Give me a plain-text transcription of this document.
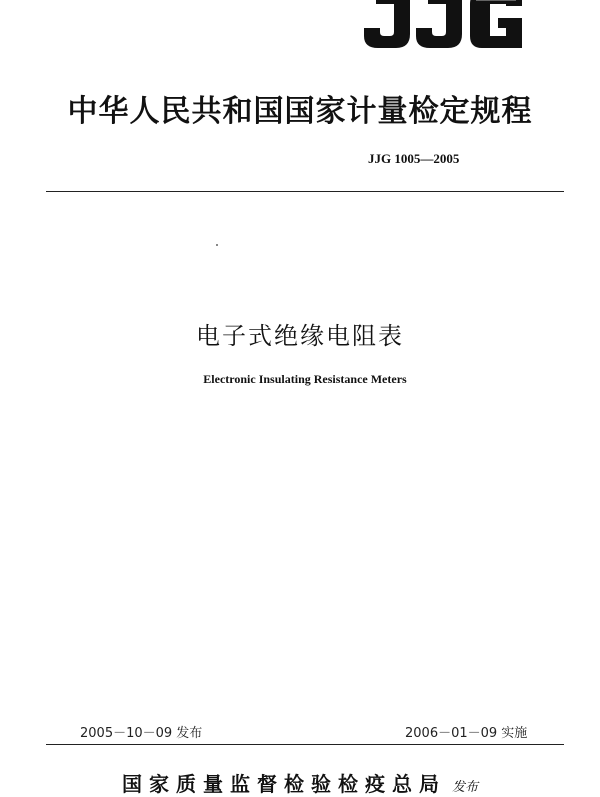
中华人民共和国国家计量检定规程
JJG 1005—2005
电子式绝缘电阻表
Electronic Insulating Resistance Meters
2005－10－09 发布	2006－01－09 实施
国家质量监督检验检疫总局 发布
